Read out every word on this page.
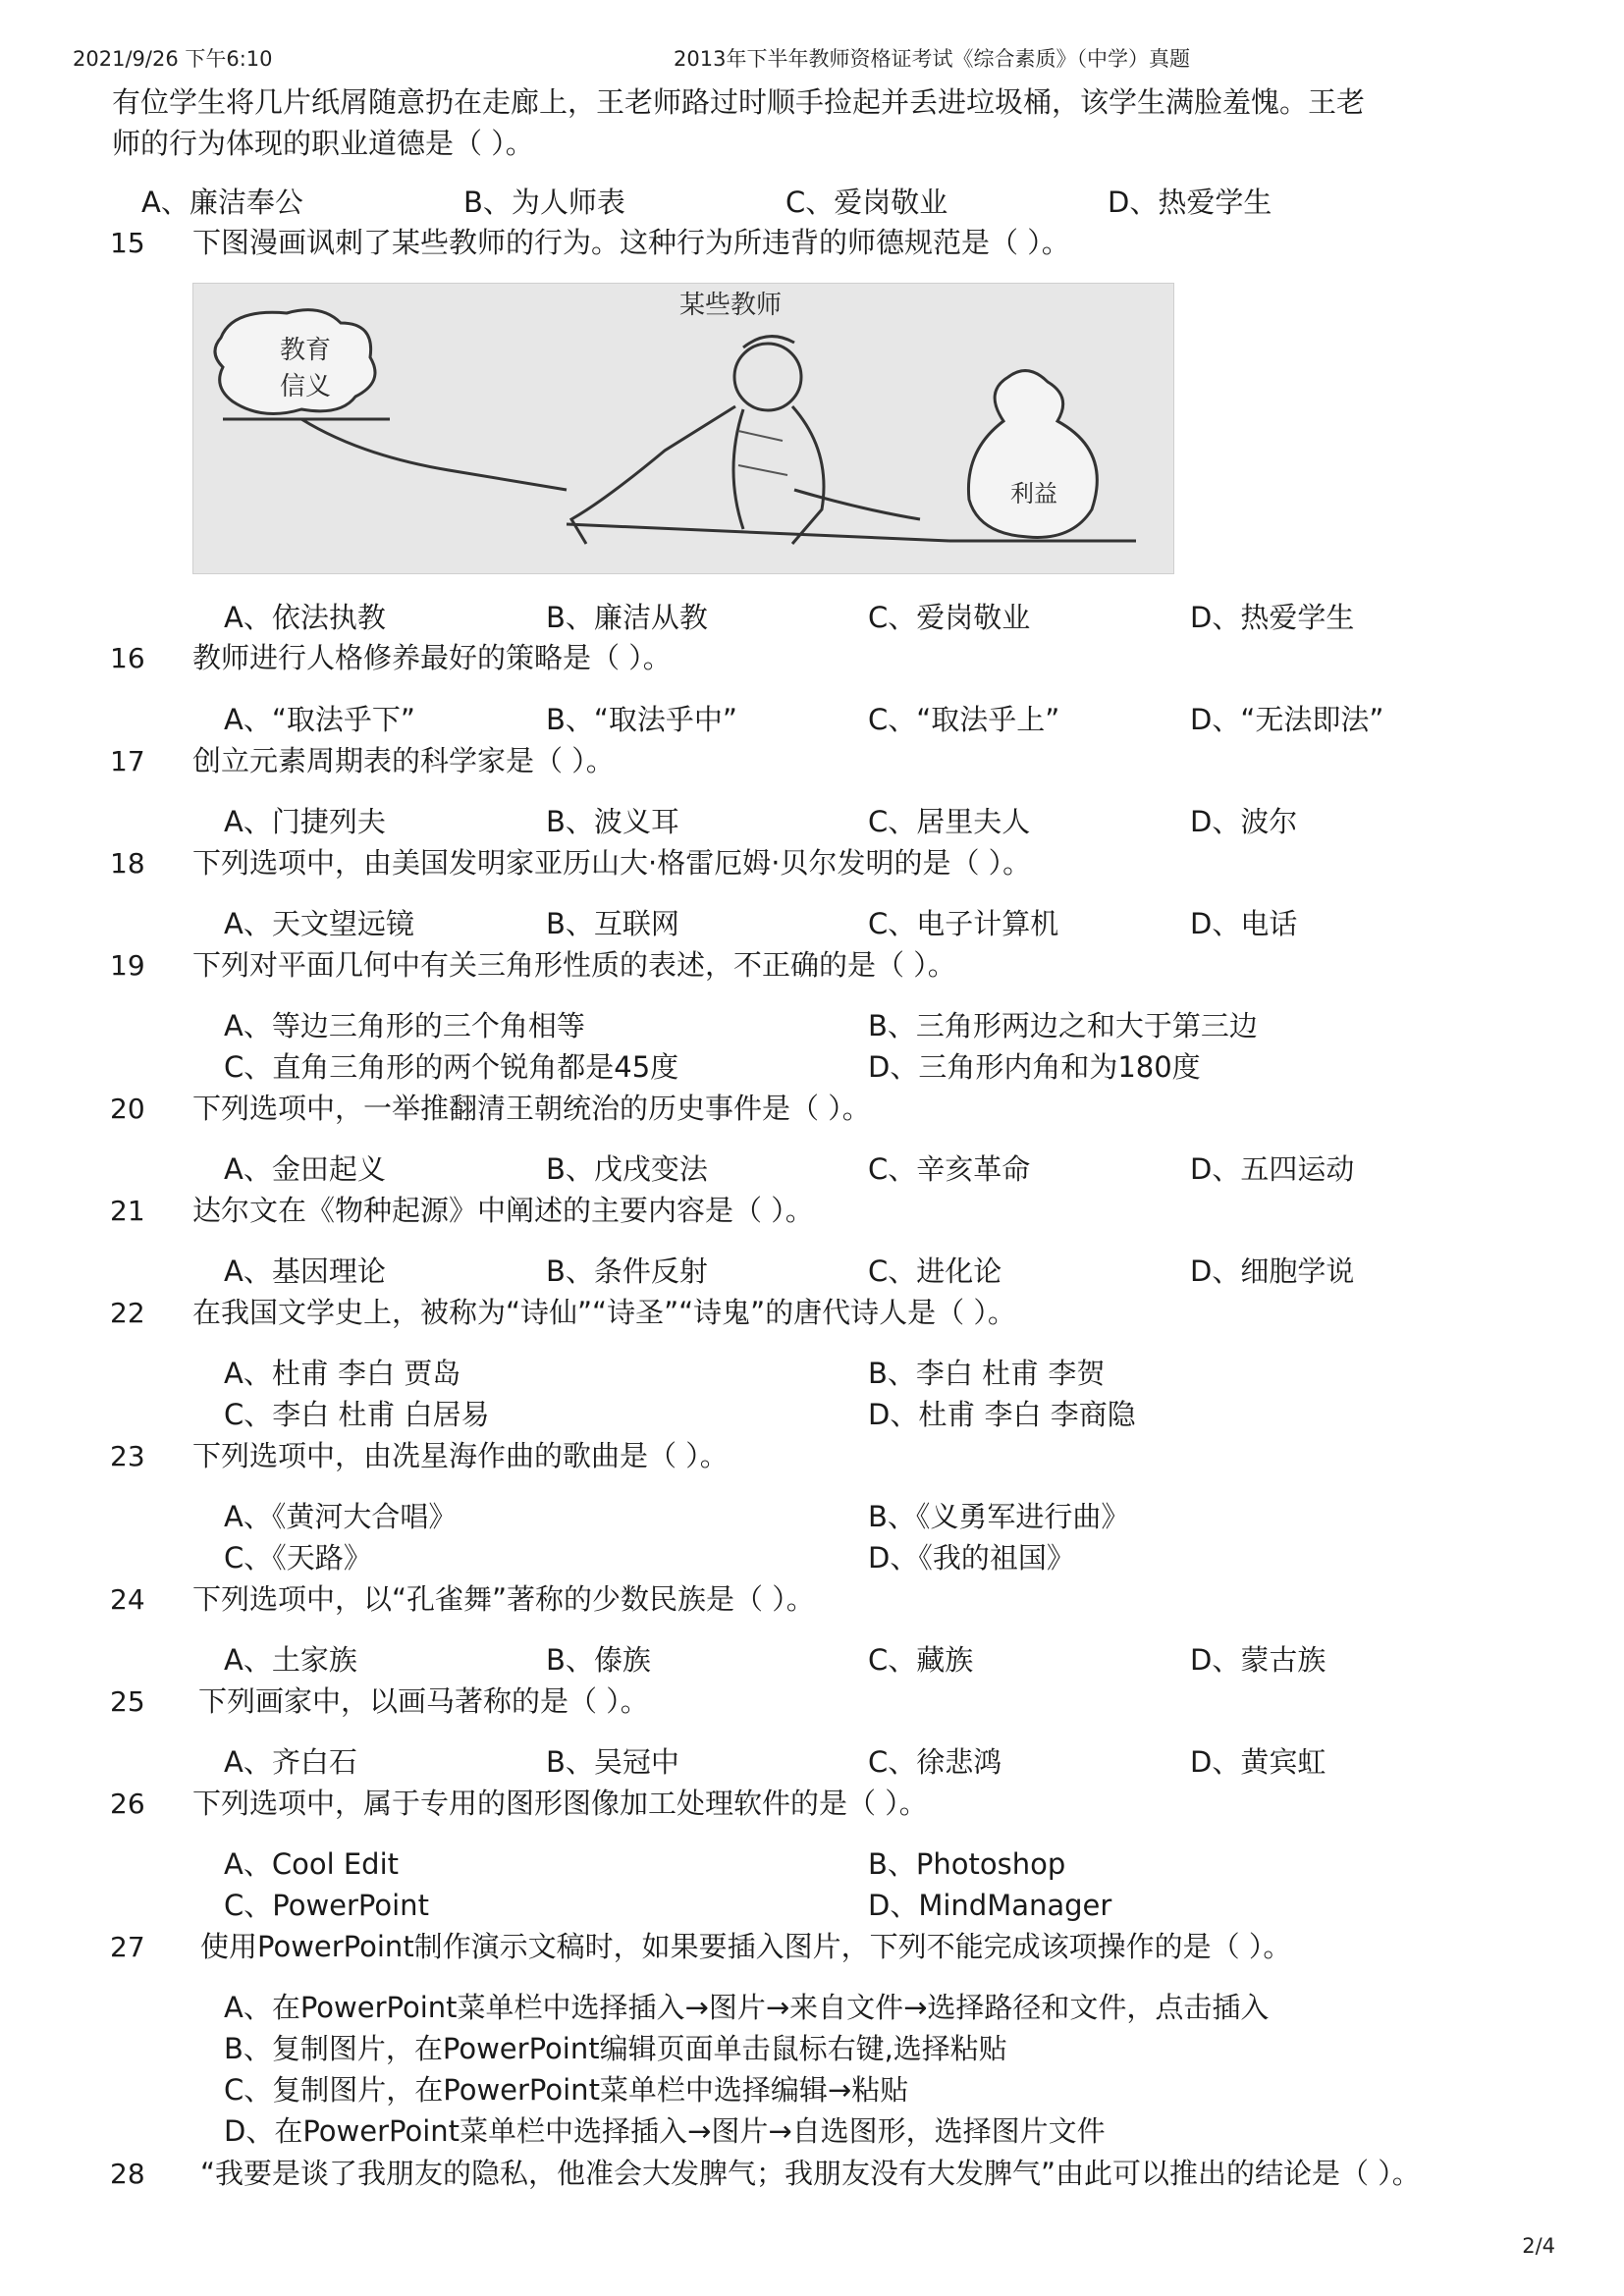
2021/9/26 下午6:10	2013年下半年教师资格证考试《综合素质》（中学）真题
有位学生将几片纸屑随意扔在走廊上，王老师路过时顺手捡起并丢进垃圾桶，该学生满脸羞愧。王老
师的行为体现的职业道德是（ ）。
A、廉洁奉公	B、为人师表	C、爱岗敬业	D、热爱学生
15 下图漫画讽刺了某些教师的行为。这种行为所违背的师德规范是（ ）。
教育
信义
某些教师
利益
A、依法执教	B、廉洁从教	C、爱岗敬业	D、热爱学生
16 教师进行人格修养最好的策略是（ ）。
A、“取法乎下”	B、“取法乎中”	C、“取法乎上”	D、“无法即法”
17 创立元素周期表的科学家是（ ）。
A、门捷列夫	B、波义耳	C、居里夫人	D、波尔
18 下列选项中，由美国发明家亚历山大·格雷厄姆·贝尔发明的是（ ）。
A、天文望远镜	B、互联网	C、电子计算机	D、电话
19 下列对平面几何中有关三角形性质的表述，不正确的是（ ）。
A、等边三角形的三个角相等	B、三角形两边之和大于第三边
C、直角三角形的两个锐角都是45度	D、三角形内角和为180度
20 下列选项中，一举推翻清王朝统治的历史事件是（ ）。
A、金田起义	B、戊戌变法	C、辛亥革命	D、五四运动
21 达尔文在《物种起源》中阐述的主要内容是（ ）。
A、基因理论	B、条件反射	C、进化论	D、细胞学说
22 在我国文学史上，被称为“诗仙”“诗圣”“诗鬼”的唐代诗人是（ ）。
A、杜甫 李白 贾岛	B、李白 杜甫 李贺
C、李白 杜甫 白居易	D、杜甫 李白 李商隐
23 下列选项中，由冼星海作曲的歌曲是（ ）。
A、《黄河大合唱》	B、《义勇军进行曲》
C、《天路》	D、《我的祖国》
24 下列选项中，以“孔雀舞”著称的少数民族是（ ）。
A、土家族	B、傣族	C、藏族	D、蒙古族
25 下列画家中，以画马著称的是（ ）。
A、齐白石	B、吴冠中	C、徐悲鸿	D、黄宾虹
26 下列选项中，属于专用的图形图像加工处理软件的是（ ）。
A、Cool Edit	B、Photoshop
C、PowerPoint	D、MindManager
27 使用PowerPoint制作演示文稿时，如果要插入图片，下列不能完成该项操作的是（ ）。
A、在PowerPoint菜单栏中选择插入→图片→来自文件→选择路径和文件，点击插入
B、复制图片，在PowerPoint编辑页面单击鼠标右键,选择粘贴
C、复制图片，在PowerPoint菜单栏中选择编辑→粘贴
D、在PowerPoint菜单栏中选择插入→图片→自选图形，选择图片文件
28 “我要是谈了我朋友的隐私，他准会大发脾气；我朋友没有大发脾气”由此可以推出的结论是（ ）。
2/4
